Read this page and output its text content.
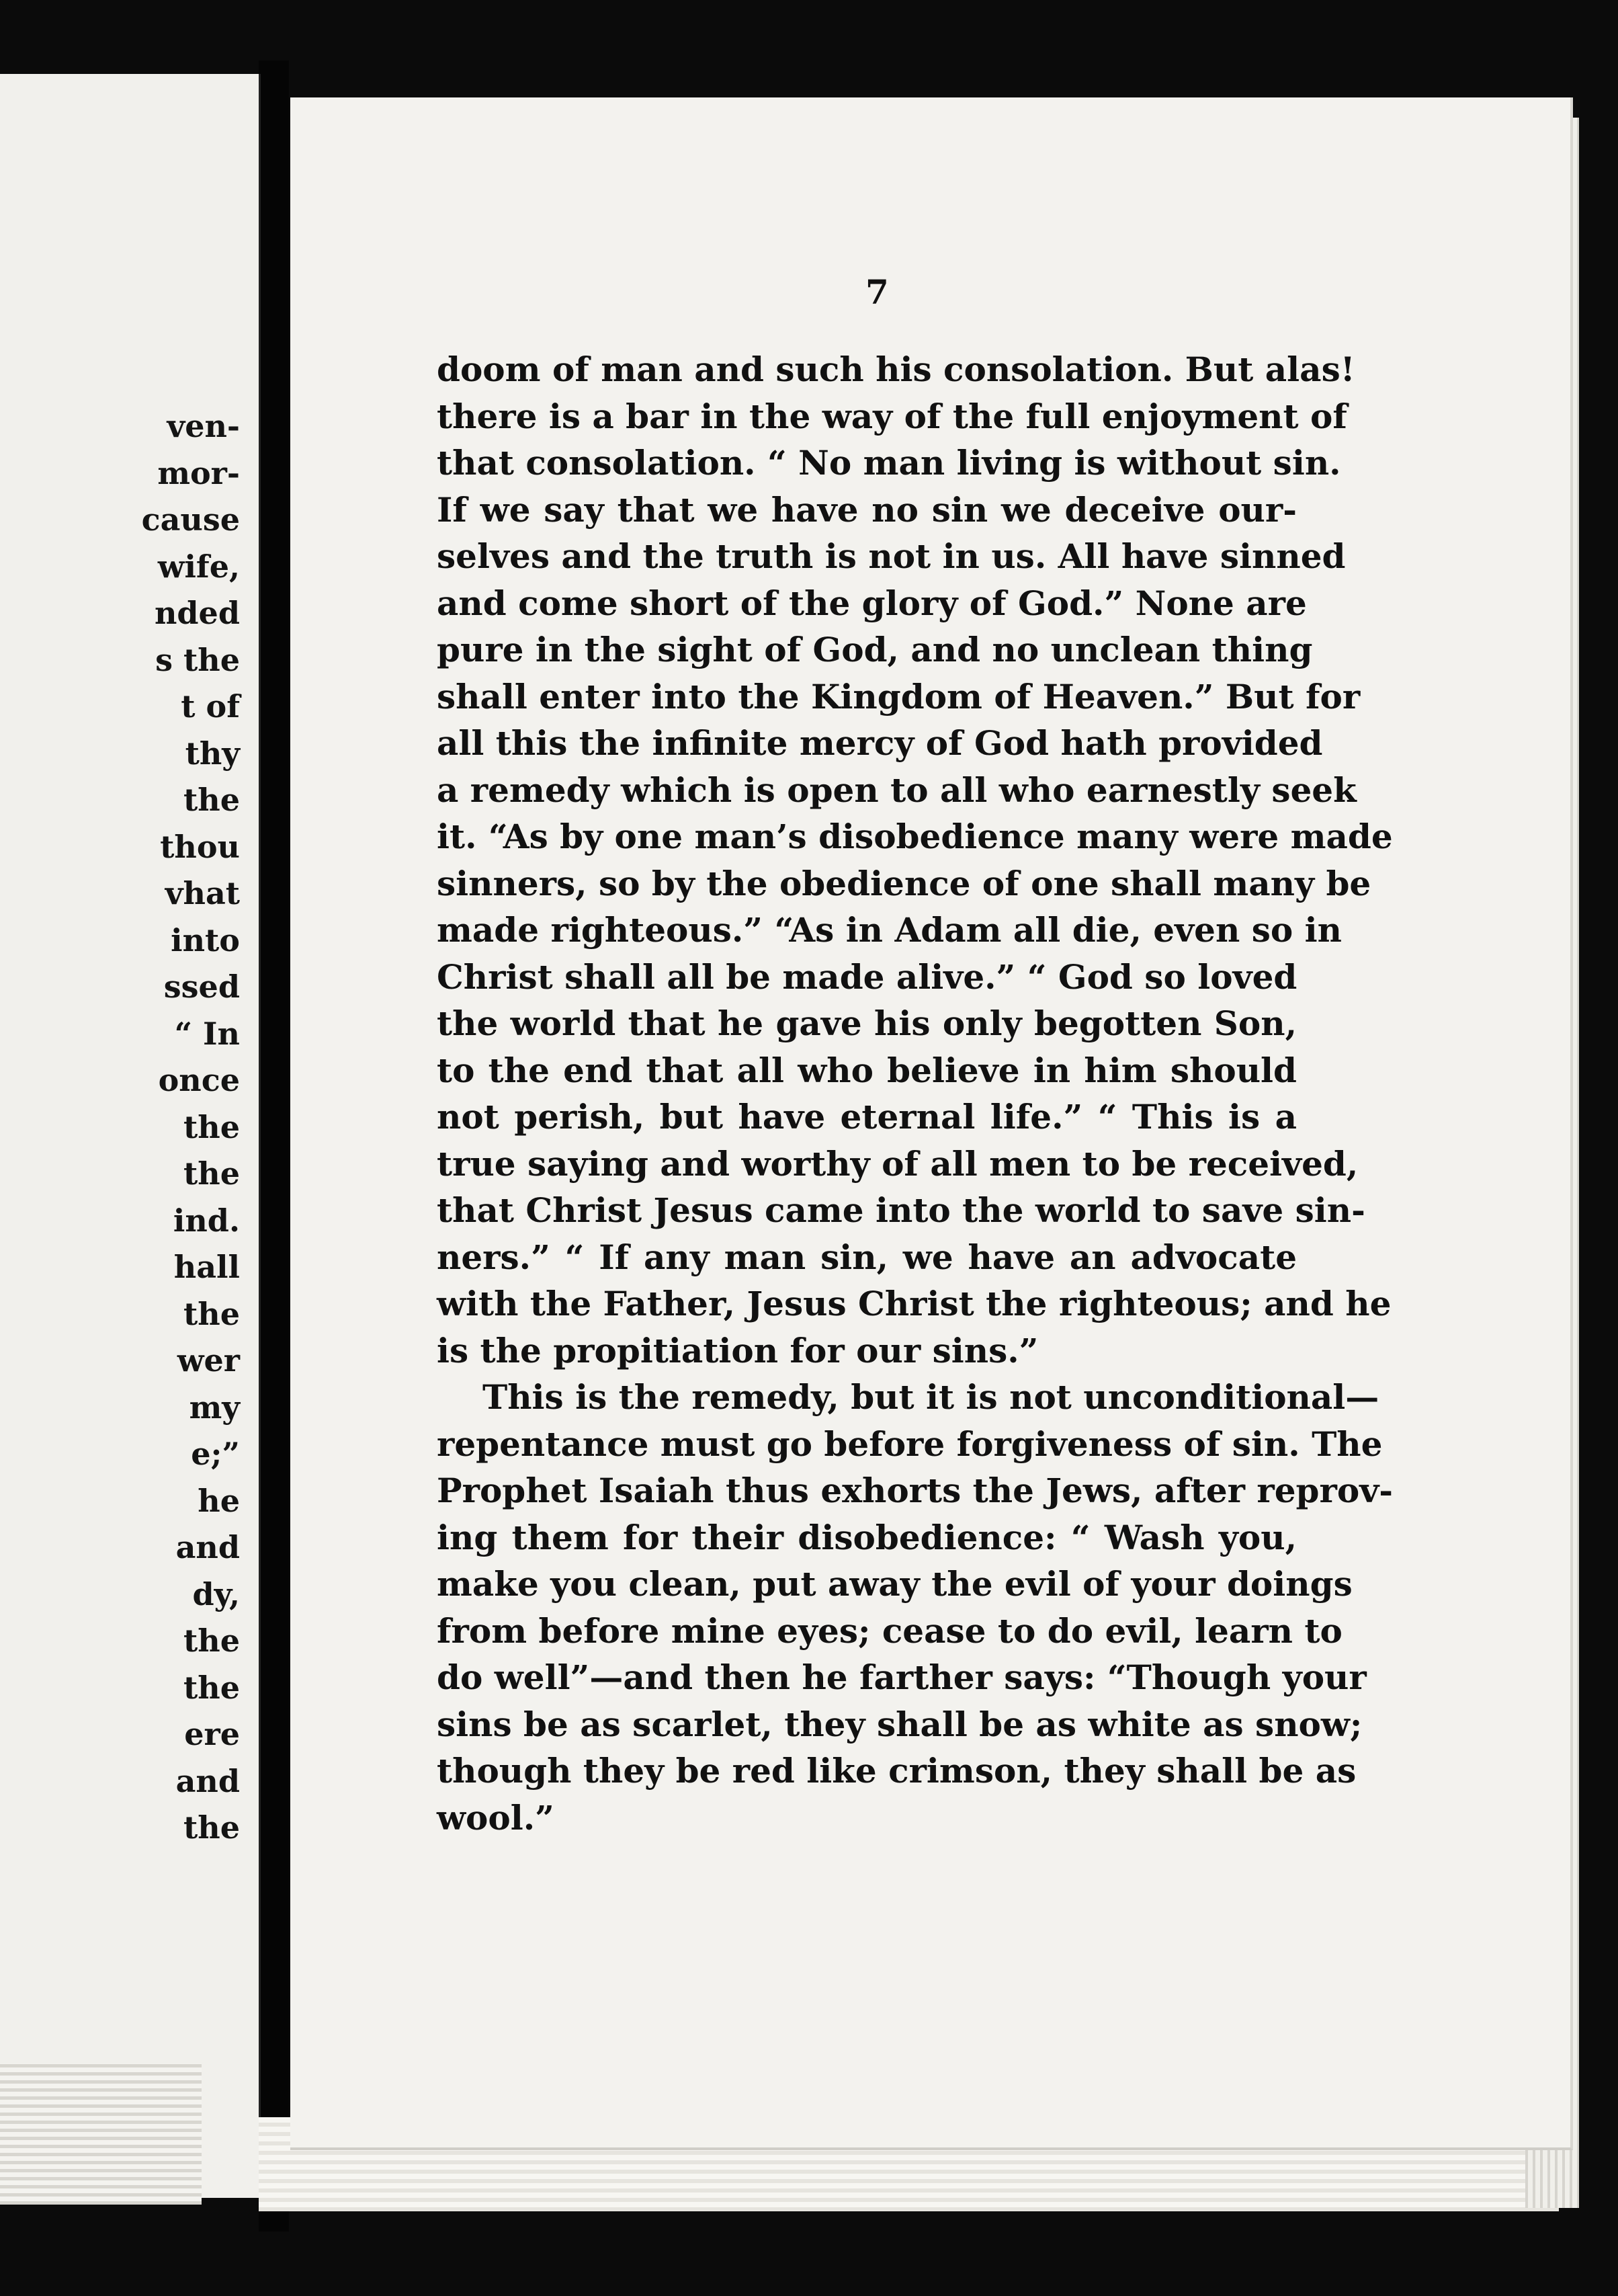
ven-
mor-
cause
wife,
nded
s the
t of
thy
the
thou
vhat
into
ssed
“ In
once
the
the
ind.
hall
the
wer
my
e;”
he
and
dy,
the
the
ere
and
the
7
doom of man and such his consolation. But alas!
there is a bar in the way of the full enjoyment of
that consolation. “ No man living is without sin.
If we say that we have no sin we deceive our-
selves and the truth is not in us. All have sinned
and come short of the glory of God.” None are
pure in the sight of God, and no unclean thing
shall enter into the Kingdom of Heaven.” But for
all this the infinite mercy of God hath provided
a remedy which is open to all who earnestly seek
it. “As by one man’s disobedience many were made
sinners, so by the obedience of one shall many be
made righteous.” “As in Adam all die, even so in
Christ shall all be made alive.” “ God so loved
the world that he gave his only begotten Son,
to the end that all who believe in him should
not perish, but have eternal life.” “ This is a
true saying and worthy of all men to be received,
that Christ Jesus came into the world to save sin-
ners.” “ If any man sin, we have an advocate
with the Father, Jesus Christ the righteous; and he
is the propitiation for our sins.”
This is the remedy, but it is not unconditional—
repentance must go before forgiveness of sin. The
Prophet Isaiah thus exhorts the Jews, after reprov-
ing them for their disobedience: “ Wash you,
make you clean, put away the evil of your doings
from before mine eyes; cease to do evil, learn to
do well”—and then he farther says: “Though your
sins be as scarlet, they shall be as white as snow;
though they be red like crimson, they shall be as
wool.”
